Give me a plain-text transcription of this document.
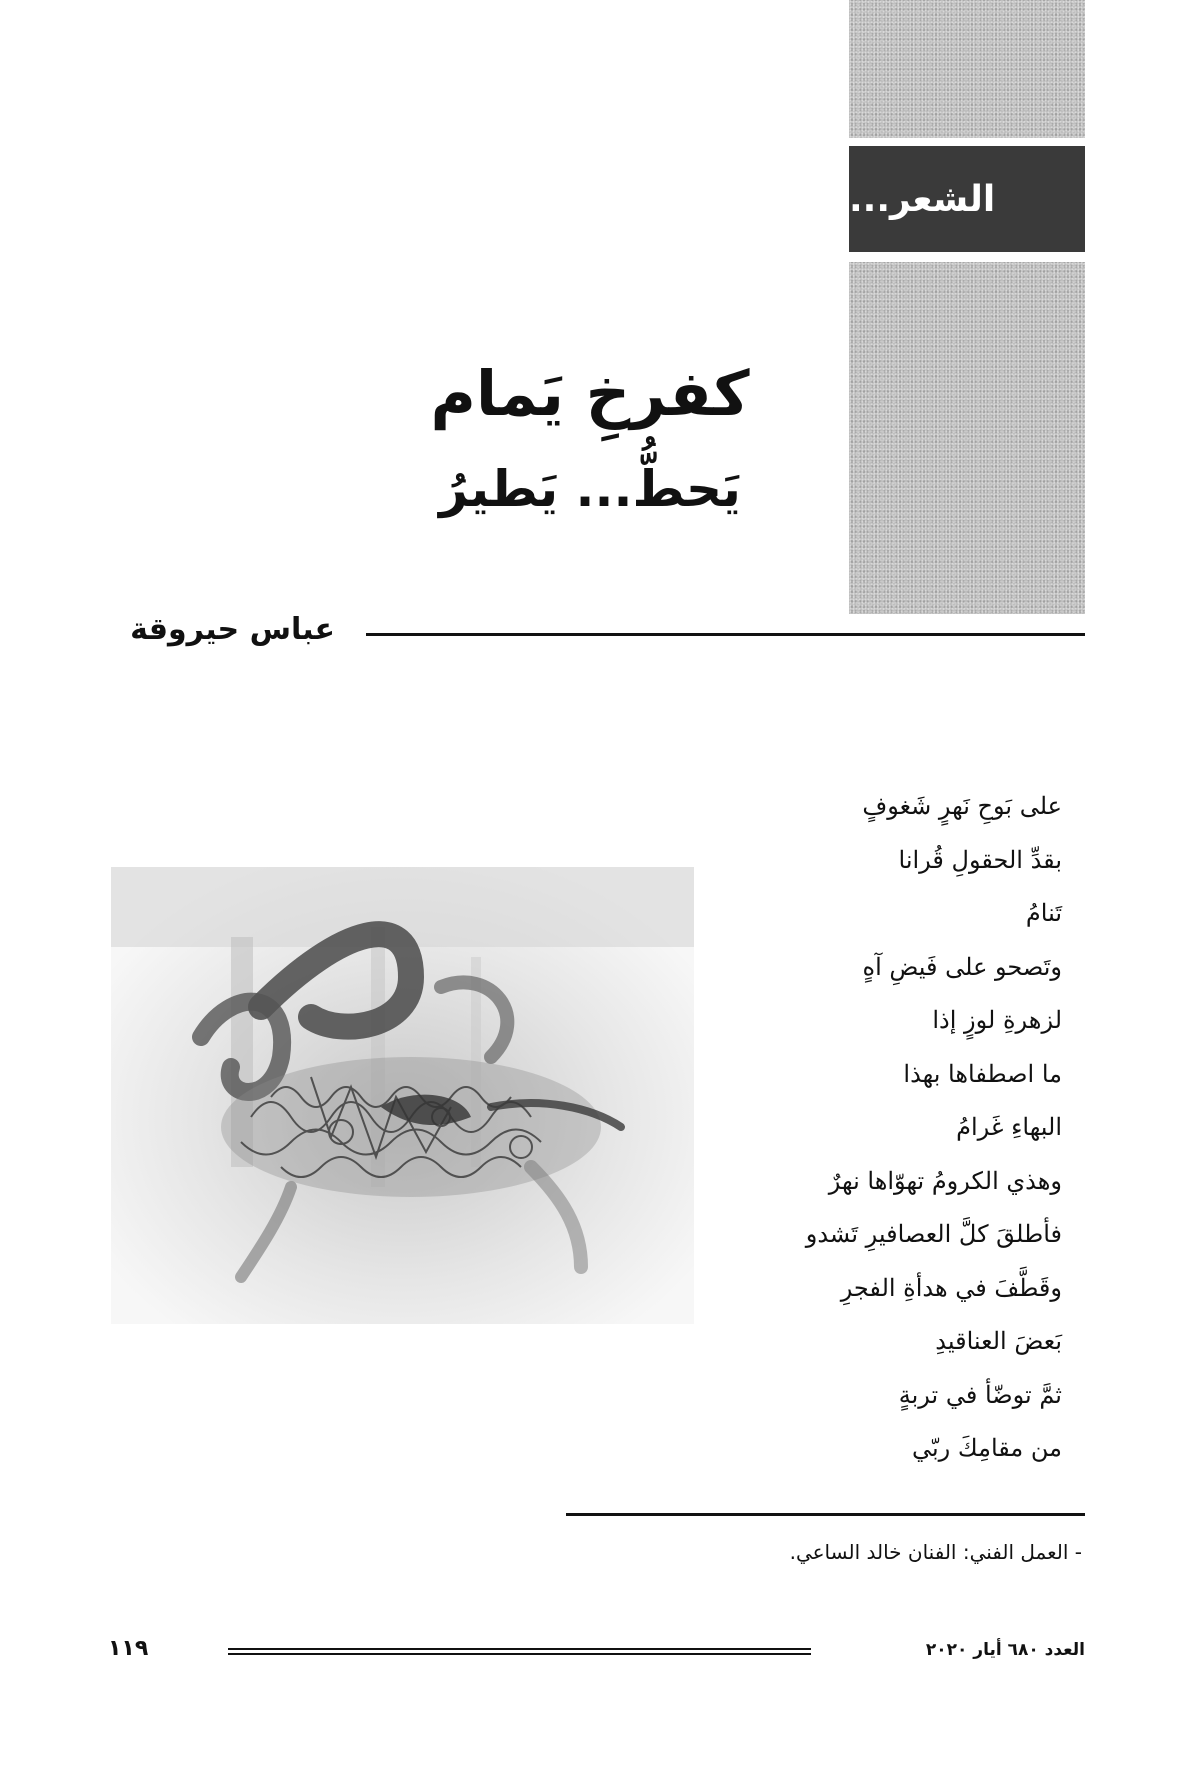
الشعر...
كفرخِ يَمام
يَحطُّ... يَطيرُ
عباس حيروقة
على بَوحِ نَهرٍ شَغوفٍ
بقدِّ الحقولِ قُرانا
تَنامُ
وتَصحو على فَيضِ آهٍ
لزهرةِ لوزٍ إذا
ما اصطفاها بهذا
البهاءِ غَرامُ
وهذي الكرومُ تهوّاها نهرٌ
فأطلقَ كلَّ العصافيرِ تَشدو
وقَطَّفَ في هدأةِ الفجرِ
بَعضَ العناقيدِ
ثمَّ توضّأ في تربةٍ
من مقامِكَ ربّي
- العمل الفني: الفنان خالد الساعي.
العدد ٦٨٠ أيار ٢٠٢٠
١١٩
